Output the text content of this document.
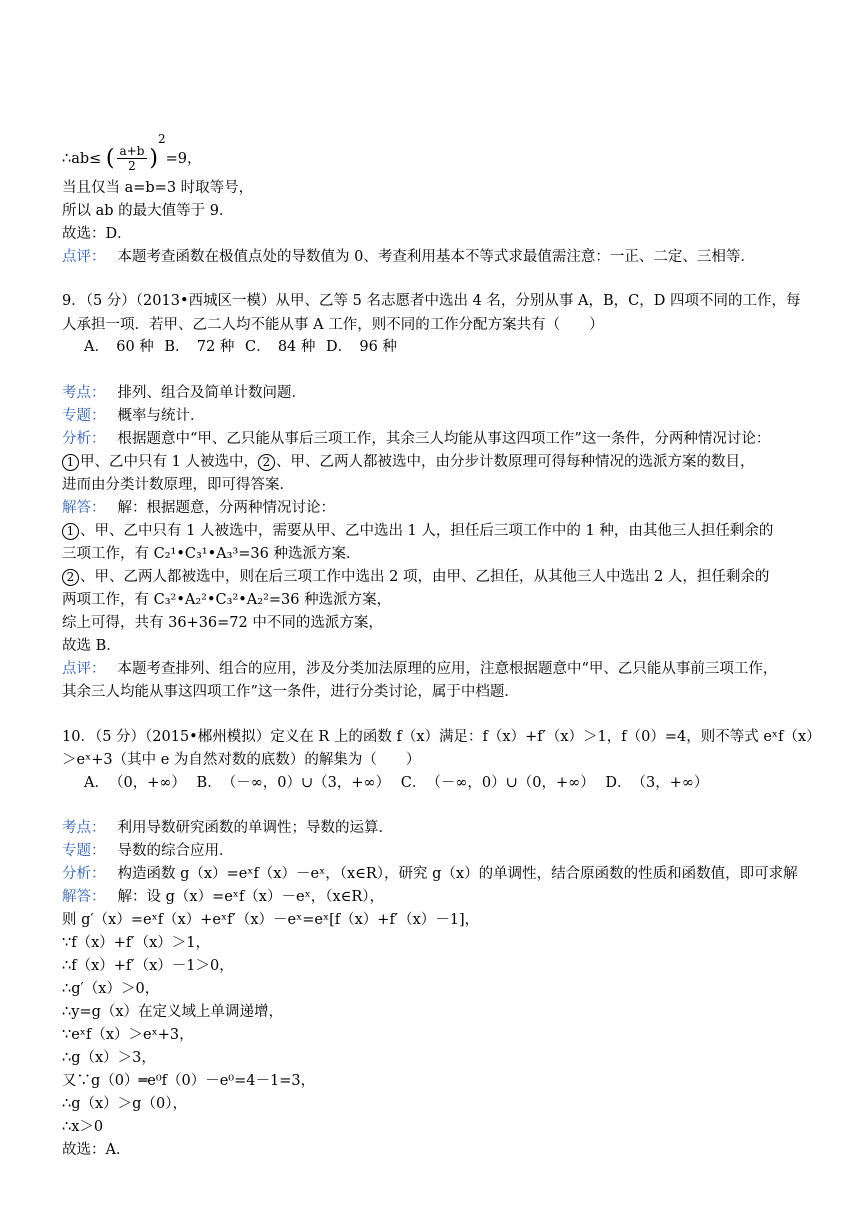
∴ab≤ ( $\frac{a+b}{2} )^2=9$，
当且仅当 a=b=3 时取等号，
所以 ab 的最大值等于 9．
故选：D．
点评： 本题考查函数在极值点处的导数值为 0、考查利用基本不等式求最值需注意：一正、二定、三相等．
9．（5 分）（2013•西城区一模）从甲、乙等 5 名志愿者中选出 4 名，分别从事 A，B，C，D 四项不同的工作，每
人承担一项．若甲、乙二人均不能从事 A 工作，则不同的工作分配方案共有（　　）
A．　60 种 B．　72 种 C．　84 种 D．　96 种
考点： 排列、组合及简单计数问题．
专题： 概率与统计．
分析： 根据题意中“甲、乙只能从事后三项工作，其余三人均能从事这四项工作”这一条件，分两种情况讨论：
1 甲、乙中只有 1 人被选中， 2 、甲、乙两人都被选中，由分步计数原理可得每种情况的选派方案的数目，
进而由分类计数原理，即可得答案．
解答： 解：根据题意，分两种情况讨论：
1 、甲、乙中只有 1 人被选中，需要从甲、乙中选出 1 人，担任后三项工作中的 1 种，由其他三人担任剩余的
三项工作，有 C₂¹•C₃¹•A₃³=36 种选派方案．
2 、甲、乙两人都被选中，则在后三项工作中选出 2 项，由甲、乙担任，从其他三人中选出 2 人，担任剩余的
两项工作，有 C₃²•A₂²•C₃²•A₂²=36 种选派方案，
综上可得，共有 36+36=72 中不同的选派方案，
故选 B．
点评： 本题考查排列、组合的应用，涉及分类加法原理的应用，注意根据题意中“甲、乙只能从事前三项工作，
其余三人均能从事这四项工作”这一条件，进行分类讨论，属于中档题．
10．（5 分）（2015•郴州模拟）定义在 R 上的函数 f（x）满足：f（x）+f′（x）＞1，f（0）=4，则不等式 eˣf（x）
＞eˣ+3（其中 e 为自然对数的底数）的解集为（　　）
A．　（0，+∞） B．　（－∞，0）∪（3，+∞） C．　（－∞，0）∪（0，+∞） D．　（3，+∞）
考点： 利用导数研究函数的单调性；导数的运算．
专题： 导数的综合应用．
分析： 构造函数 g（x）=eˣf（x）－eˣ，（x∈R），研究 g（x）的单调性，结合原函数的性质和函数值，即可求解
解答： 解：设 g（x）=eˣf（x）－eˣ，（x∈R），
则 g′（x）=eˣf（x）+eˣf′（x）－eˣ=eˣ[f（x）+f′（x）－1]，
∵f（x）+f′（x）＞1，
∴f（x）+f′（x）－1＞0，
∴g′（x）＞0，
∴y=g（x）在定义域上单调递增，
∵eˣf（x）＞eˣ+3，
∴g（x）＞3，
又∵g（0）═e⁰f（0）－e⁰=4－1=3，
∴g（x）＞g（0），
∴x＞0
故选：A．
